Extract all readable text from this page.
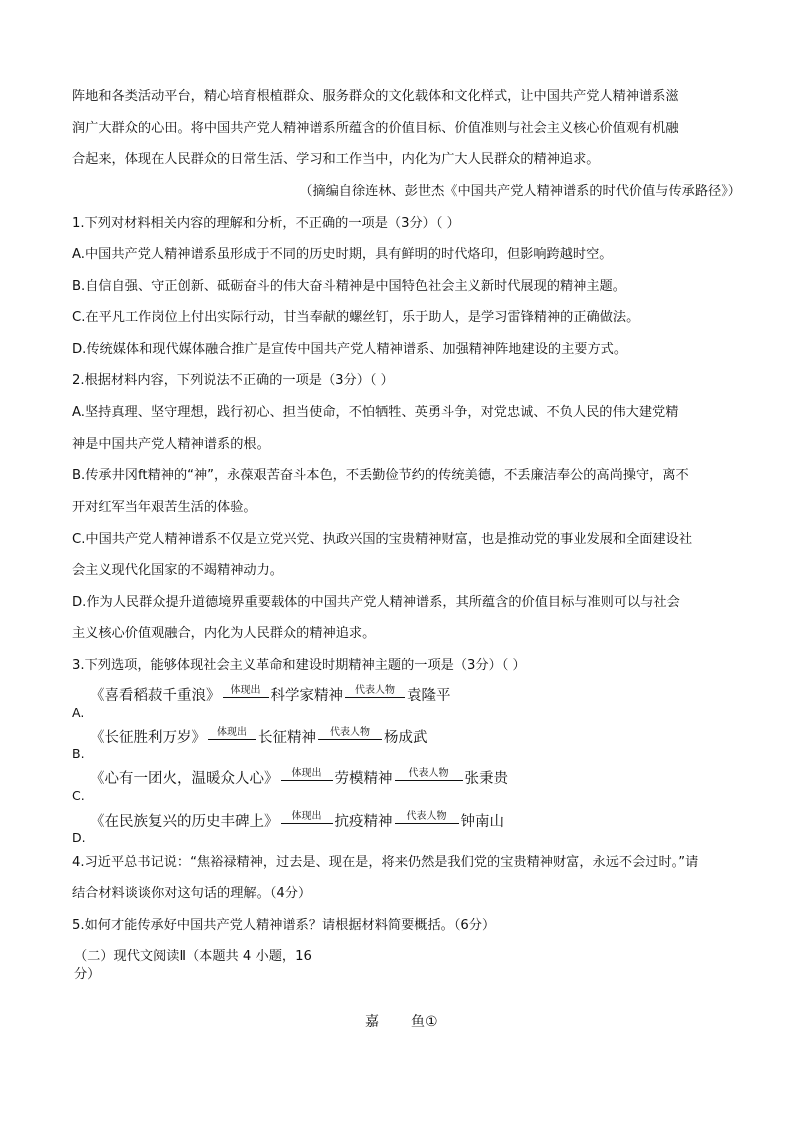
阵地和各类活动平台，精心培育根植群众、服务群众的文化载体和文化样式，让中国共产党人精神谱系滋
润广大群众的心田。将中国共产党人精神谱系所蕴含的价值目标、价值准则与社会主义核心价值观有机融
合起来，体现在人民群众的日常生活、学习和工作当中，内化为广大人民群众的精神追求。
（摘编自徐连林、彭世杰《中国共产党人精神谱系的时代价值与传承路径》）
1.下列对材料相关内容的理解和分析，不正确的一项是（3分）（ ）
A.中国共产党人精神谱系虽形成于不同的历史时期，具有鲜明的时代烙印，但影响跨越时空。
B.自信自强、守正创新、砥砺奋斗的伟大奋斗精神是中国特色社会主义新时代展现的精神主题。
C.在平凡工作岗位上付出实际行动，甘当奉献的螺丝钉，乐于助人，是学习雷锋精神的正确做法。
D.传统媒体和现代媒体融合推广是宣传中国共产党人精神谱系、加强精神阵地建设的主要方式。
2.根据材料内容，下列说法不正确的一项是（3分）（ ）
A.坚持真理、坚守理想，践行初心、担当使命，不怕牺牲、英勇斗争，对党忠诚、不负人民的伟大建党精
神是中国共产党人精神谱系的根。
B.传承井冈ft精神的“神”，永葆艰苦奋斗本色，不丢勤俭节约的传统美德，不丢廉洁奉公的高尚操守，离不
开对红军当年艰苦生活的体验。
C.中国共产党人精神谱系不仅是立党兴党、执政兴国的宝贵精神财富，也是推动党的事业发展和全面建设社
会主义现代化国家的不竭精神动力。
D.作为人民群众提升道德境界重要载体的中国共产党人精神谱系，其所蕴含的价值目标与准则可以与社会
主义核心价值观融合，内化为人民群众的精神追求。
3.下列选项，能够体现社会主义革命和建设时期精神主题的一项是（3分）（ ）
A.
《喜看稻菽千重浪》 体现出 科学家精神 代表人物 袁隆平
B.
《长征胜利万岁》 体现出 长征精神 代表人物 杨成武
C.
《心有一团火，温暖众人心》 体现出 劳模精神 代表人物 张秉贵
D.
《在民族复兴的历史丰碑上》 体现出 抗疫精神 代表人物 钟南山
4.习近平总书记说：“焦裕禄精神，过去是、现在是，将来仍然是我们党的宝贵精神财富，永远不会过时。”请
结合材料谈谈你对这句话的理解。（4分）
5.如何才能传承好中国共产党人精神谱系？请根据材料简要概括。（6分）
（二）现代文阅读Ⅱ（本题共 4 小题，16
分）
嘉 鱼①
